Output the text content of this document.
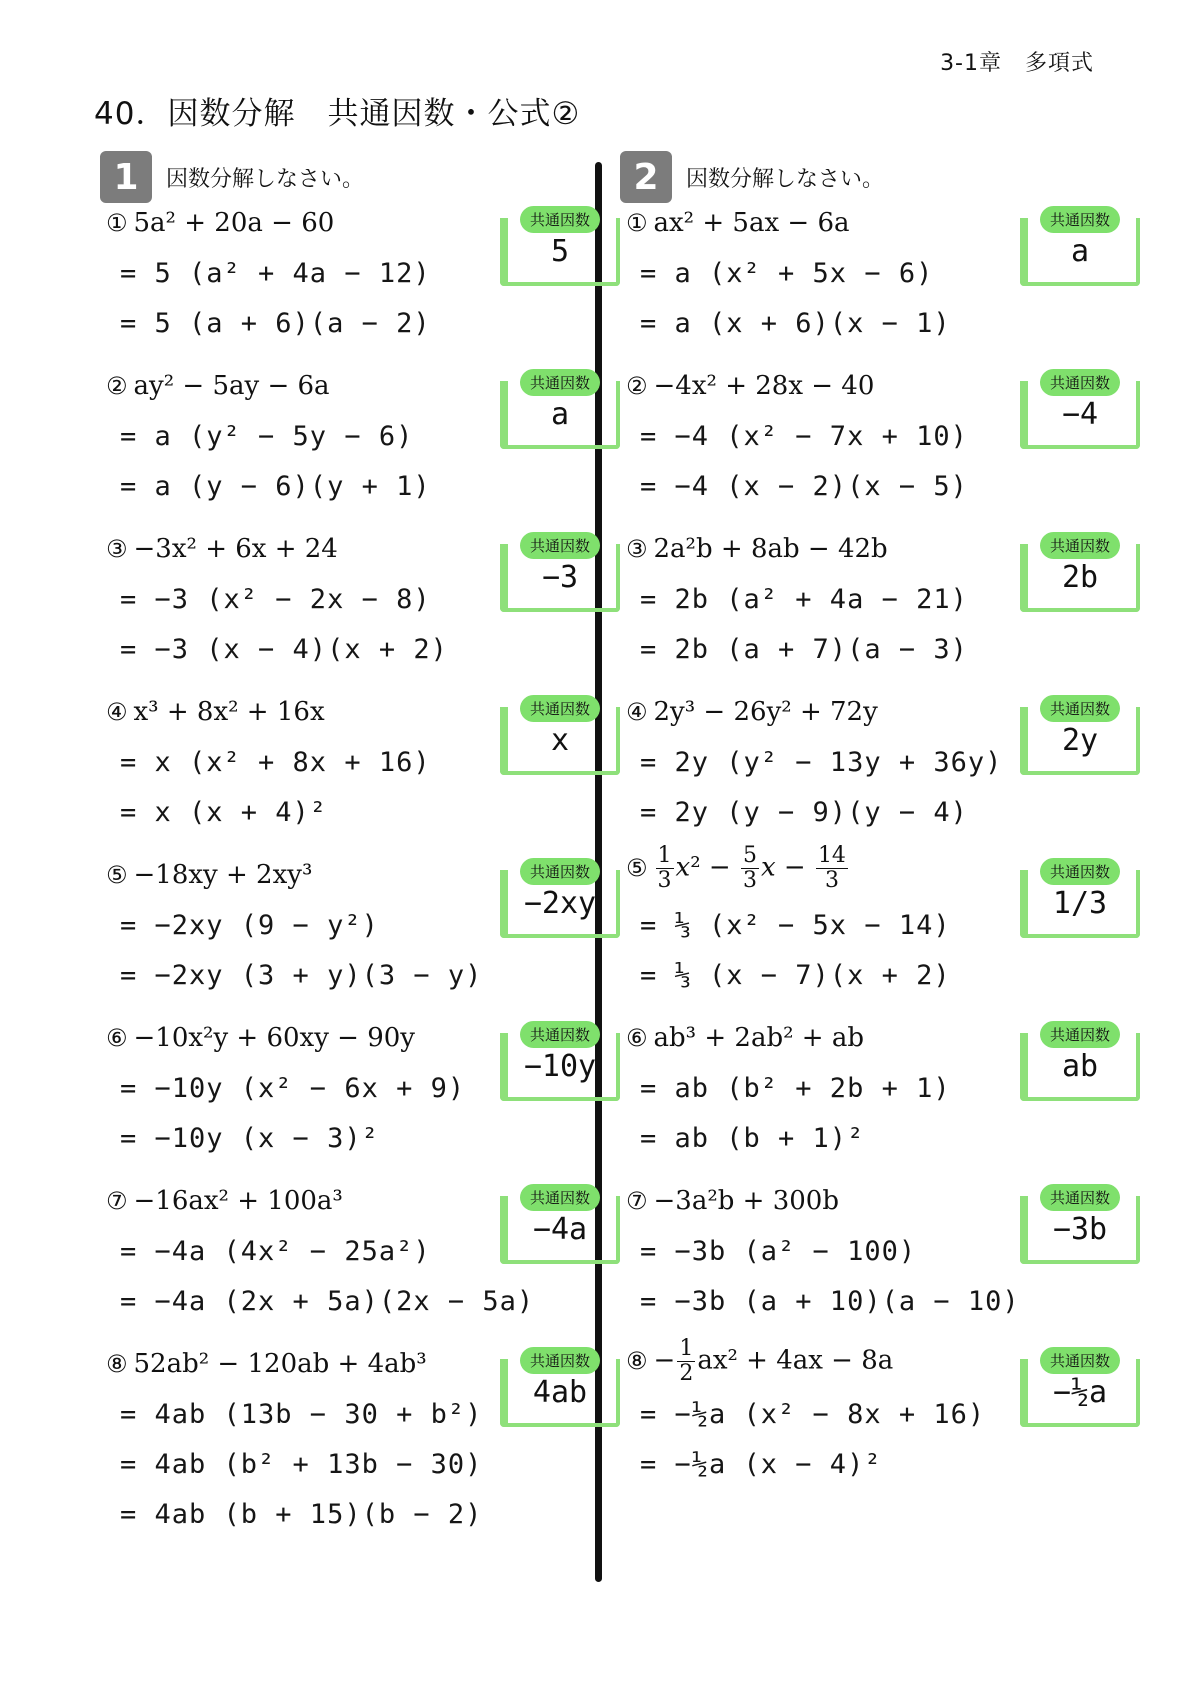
3-1章　多項式
40．因数分解　共通因数・公式②
1	因数分解しなさい。
① 5a² + 20a − 60
= 5 (a² + 4a − 12)
= 5 (a + 6)(a − 2)
共通因数
5
② ay² − 5ay − 6a
= a (y² − 5y − 6)
= a (y − 6)(y + 1)
共通因数
a
③ −3x² + 6x + 24
= −3 (x² − 2x − 8)
= −3 (x − 4)(x + 2)
共通因数
−3
④ x³ + 8x² + 16x
= x (x² + 8x + 16)
= x (x + 4)²
共通因数
x
⑤ −18xy + 2xy³
= −2xy (9 − y²)
= −2xy (3 + y)(3 − y)
共通因数
−2xy
⑥ −10x²y + 60xy − 90y
= −10y (x² − 6x + 9)
= −10y (x − 3)²
共通因数
−10y
⑦ −16ax² + 100a³
= −4a (4x² − 25a²)
= −4a (2x + 5a)(2x − 5a)
共通因数
−4a
⑧ 52ab² − 120ab + 4ab³
= 4ab (13b − 30 + b²)
= 4ab (b² + 13b − 30)
= 4ab (b + 15)(b − 2)
共通因数
4ab
2	因数分解しなさい。
① ax² + 5ax − 6a
= a (x² + 5x − 6)
= a (x + 6)(x − 1)
共通因数
a
② −4x² + 28x − 40
= −4 (x² − 7x + 10)
= −4 (x − 2)(x − 5)
共通因数
−4
③ 2a²b + 8ab − 42b
= 2b (a² + 4a − 21)
= 2b (a + 7)(a − 3)
共通因数
2b
④ 2y³ − 26y² + 72y
= 2y (y² − 13y + 36y)
= 2y (y − 9)(y − 4)
共通因数
2y
⑤ $\frac{1}{3} x^2 - \frac{5}{3}$ $x - \frac{14}{3}$
= ⅓ (x² − 5x − 14)
= ⅓ (x − 7)(x + 2)
共通因数
1/3
⑥ ab³ + 2ab² + ab
= ab (b² + 2b + 1)
= ab (b + 1)²
共通因数
ab
⑦ −3a²b + 300b
= −3b (a² − 100)
= −3b (a + 10)(a − 10)
共通因数
−3b
⑧ − $\frac{1}{2} ax^2 + 4ax - 8a$
= −½a (x² − 8x + 16)
= −½a (x − 4)²
共通因数
−½a
